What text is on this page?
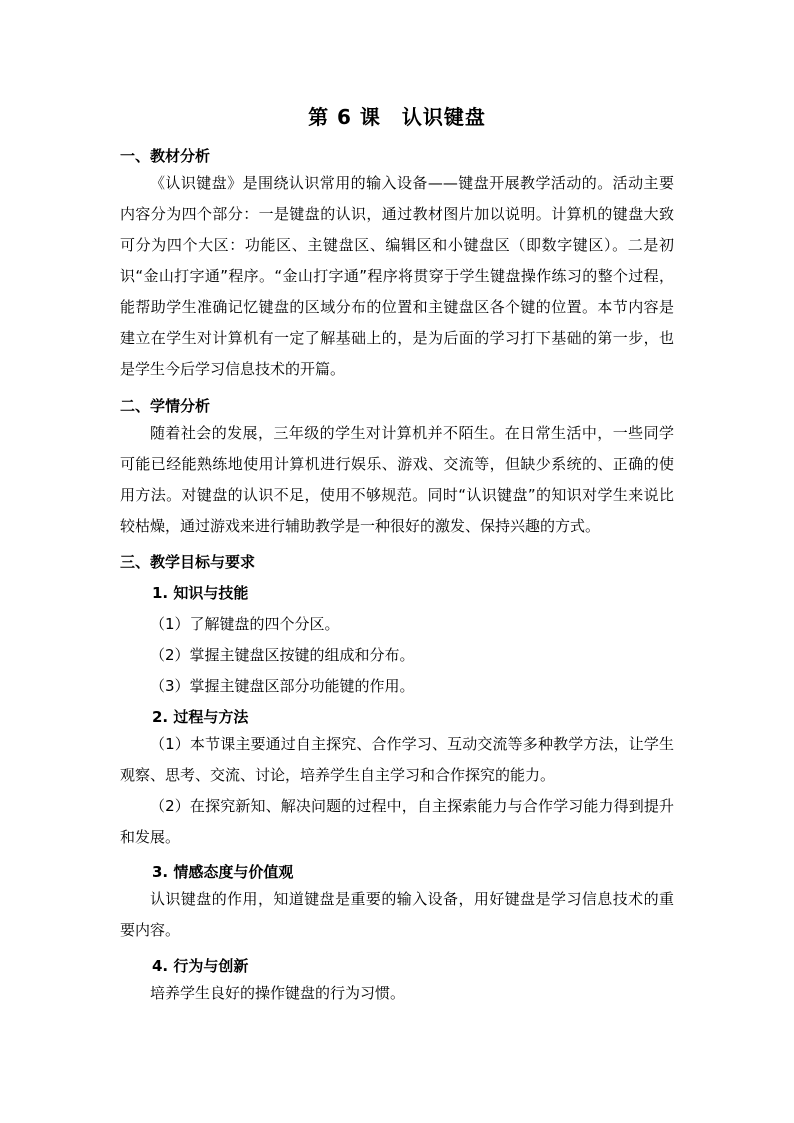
第 6 课　认识键盘
一、教材分析
《认识键盘》是围绕认识常用的输入设备——键盘开展教学活动的。活动主要内容分为四个部分：一是键盘的认识，通过教材图片加以说明。计算机的键盘大致可分为四个大区：功能区、主键盘区、编辑区和小键盘区（即数字键区）。二是初识“金山打字通”程序。“金山打字通”程序将贯穿于学生键盘操作练习的整个过程，能帮助学生准确记忆键盘的区域分布的位置和主键盘区各个键的位置。本节内容是建立在学生对计算机有一定了解基础上的，是为后面的学习打下基础的第一步，也是学生今后学习信息技术的开篇。
二、学情分析
随着社会的发展，三年级的学生对计算机并不陌生。在日常生活中，一些同学可能已经能熟练地使用计算机进行娱乐、游戏、交流等，但缺少系统的、正确的使用方法。对键盘的认识不足，使用不够规范。同时“认识键盘”的知识对学生来说比较枯燥，通过游戏来进行辅助教学是一种很好的激发、保持兴趣的方式。
三、教学目标与要求
1. 知识与技能
（1）了解键盘的四个分区。
（2）掌握主键盘区按键的组成和分布。
（3）掌握主键盘区部分功能键的作用。
2. 过程与方法
（1）本节课主要通过自主探究、合作学习、互动交流等多种教学方法，让学生观察、思考、交流、讨论，培养学生自主学习和合作探究的能力。
（2）在探究新知、解决问题的过程中，自主探索能力与合作学习能力得到提升和发展。
3. 情感态度与价值观
认识键盘的作用，知道键盘是重要的输入设备，用好键盘是学习信息技术的重要内容。
4. 行为与创新
培养学生良好的操作键盘的行为习惯。
